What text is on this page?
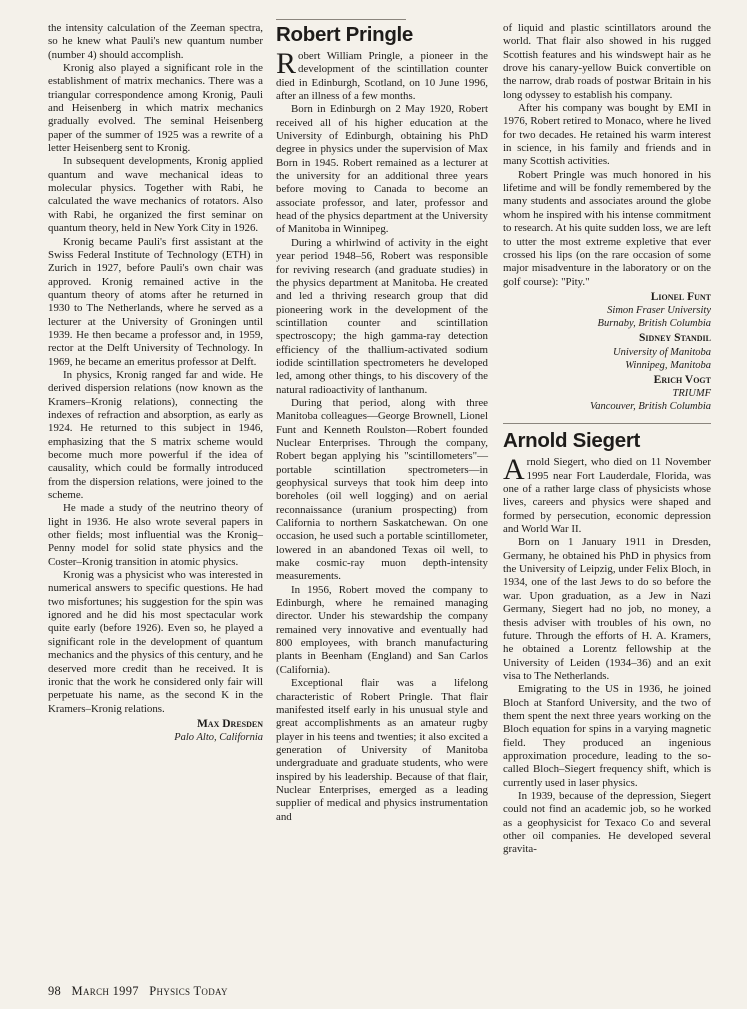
the intensity calculation of the Zeeman spectra, so he knew what Pauli's new quantum number (number 4) should accomplish.

Kronig also played a significant role in the establishment of matrix mechanics. There was a triangular correspondence among Kronig, Pauli and Heisenberg in which matrix mechanics gradually evolved. The seminal Heisenberg paper of the summer of 1925 was a rewrite of a letter Heisenberg sent to Kronig.

In subsequent developments, Kronig applied quantum and wave mechanical ideas to molecular physics. Together with Rabi, he calculated the wave mechanics of rotators. Also with Rabi, he organized the first seminar on quantum theory, held in New York City in 1926.

Kronig became Pauli's first assistant at the Swiss Federal Institute of Technology (ETH) in Zurich in 1927, before Pauli's own chair was approved. Kronig remained active in the quantum theory of atoms after he returned in 1930 to The Netherlands, where he served as a lecturer at the University of Groningen until 1939. He then became a professor and, in 1959, rector at the Delft University of Technology. In 1969, he became an emeritus professor at Delft.

In physics, Kronig ranged far and wide. He derived dispersion relations (now known as the Kramers–Kronig relations), connecting the indexes of refraction and absorption, as early as 1924. He returned to this subject in 1946, emphasizing that the S matrix scheme would become much more powerful if the idea of causality, which could be formally introduced from the dispersion relations, were joined to the scheme.

He made a study of the neutrino theory of light in 1936. He also wrote several papers in other fields; most influential was the Kronig–Penny model for solid state physics and the Coster–Kronig transition in atomic physics.

Kronig was a physicist who was interested in numerical answers to specific questions. He had two misfortunes; his suggestion for the spin was ignored and he did his most spectacular work quite early (before 1926). Even so, he played a significant role in the development of quantum mechanics and the physics of this century, and he deserved more credit than he received. It is ironic that the work he considered only fair will perpetuate his name, as the second K in the Kramers–Kronig relations.

Max Dresden
Palo Alto, California
Robert Pringle

Robert William Pringle, a pioneer in the development of the scintillation counter died in Edinburgh, Scotland, on 10 June 1996, after an illness of a few months.

Born in Edinburgh on 2 May 1920, Robert received all of his higher education at the University of Edinburgh, obtaining his PhD degree in physics under the supervision of Max Born in 1945. Robert remained as a lecturer at the university for an additional three years before moving to Canada to become an associate professor, and later, professor and head of the physics department at the University of Manitoba in Winnipeg.

During a whirlwind of activity in the eight year period 1948–56, Robert was responsible for reviving research (and graduate studies) in the physics department at Manitoba. He created and led a thriving research group that did pioneering work in the development of the scintillation counter and scintillation spectroscopy; the high gamma-ray detection efficiency of the thallium-activated sodium iodide scintillation spectrometers he developed led, among other things, to his discovery of the natural radioactivity of lanthanum.

During that period, along with three Manitoba colleagues—George Brownell, Lionel Funt and Kenneth Roulston—Robert founded Nuclear Enterprises. Through the company, Robert began applying his "scintillometers"—portable scintillation spectrometers—in geophysical surveys that took him deep into boreholes (oil well logging) and on aerial reconnaissance (uranium prospecting) from California to northern Saskatchewan. On one occasion, he used such a portable scintillometer, lowered in an abandoned Texas oil well, to make cosmic-ray muon depth-intensity measurements.

In 1956, Robert moved the company to Edinburgh, where he remained managing director. Under his stewardship the company remained very innovative and eventually had 800 employees, with branch manufacturing plants in Beenham (England) and San Carlos (California).

Exceptional flair was a lifelong characteristic of Robert Pringle. That flair manifested itself early in his unusual style and great accomplishments as an amateur rugby player in his teens and twenties; it also excited a generation of University of Manitoba undergraduate and graduate students, who were inspired by his leadership. Because of that flair, Nuclear Enterprises, emerged as a leading supplier of medical and physics instrumentation and

of liquid and plastic scintillators around the world. That flair also showed in his rugged Scottish features and his windswept hair as he drove his canary-yellow Buick convertible on the narrow, drab roads of postwar Britain in his long odyssey to establish his company.

After his company was bought by EMI in 1976, Robert retired to Monaco, where he lived for two decades. He retained his warm interest in science, in his family and friends and in many Scottish activities.

Robert Pringle was much honored in his lifetime and will be fondly remembered by the many students and associates around the globe whom he inspired with his intense commitment to research. At his quite sudden loss, we are left to utter the most extreme expletive that ever crossed his lips (on the rare occasion of some major misadventure in the laboratory or on the golf course): "Pity."

Lionel Funt
Simon Fraser University
Burnaby, British Columbia
Sidney Standil
University of Manitoba
Winnipeg, Manitoba
Erich Vogt
TRIUMF
Vancouver, British Columbia
Arnold Siegert

Arnold Siegert, who died on 11 November 1995 near Fort Lauderdale, Florida, was one of a rather large class of physicists whose lives, careers and physics were shaped and formed by persecution, economic depression and World War II.

Born on 1 January 1911 in Dresden, Germany, he obtained his PhD in physics from the University of Leipzig, under Felix Bloch, in 1934, one of the last Jews to do so before the war. Upon graduation, as a Jew in Nazi Germany, Siegert had no job, no money, a thesis adviser with troubles of his own, no future. Through the efforts of H. A. Kramers, he obtained a Lorentz fellowship at the University of Leiden (1934–36) and an exit visa to The Netherlands.

Emigrating to the US in 1936, he joined Bloch at Stanford University, and the two of them spent the next three years working on the Bloch equation for spins in a varying magnetic field. They produced an ingenious approximation procedure, leading to the so-called Bloch–Siegert frequency shift, which is currently used in laser physics.

In 1939, because of the depression, Siegert could not find an academic job, so he worked as a geophysicist for Texaco Co and several other oil companies. He developed several gravita-

98 March 1997 Physics Today
